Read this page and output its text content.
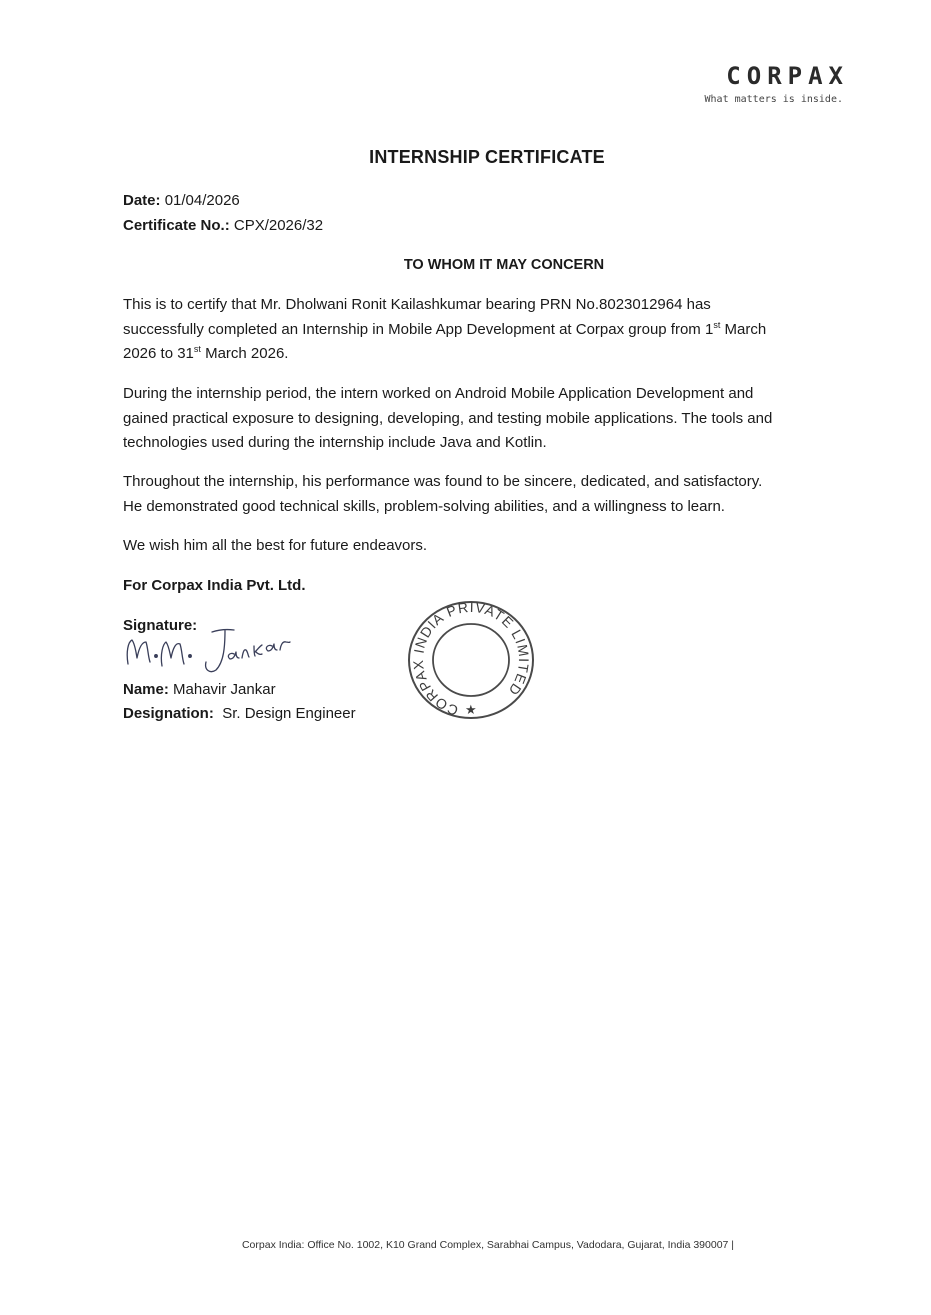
CORPAX
What matters is inside.
INTERNSHIP CERTIFICATE
Date: 01/04/2026
Certificate No.: CPX/2026/32
TO WHOM IT MAY CONCERN
This is to certify that Mr. Dholwani Ronit Kailashkumar bearing PRN No.8023012964 has
successfully completed an Internship in Mobile App Development at Corpax group from 1st March
2026 to 31st March 2026.
During the internship period, the intern worked on Android Mobile Application Development and
gained practical exposure to designing, developing, and testing mobile applications. The tools and
technologies used during the internship include Java and Kotlin.
Throughout the internship, his performance was found to be sincere, dedicated, and satisfactory.
He demonstrated good technical skills, problem-solving abilities, and a willingness to learn.
We wish him all the best for future endeavors.
For Corpax India Pvt. Ltd.
Signature:
Name: Mahavir Jankar
Designation: Sr. Design Engineer	CORPAX INDIA PRIVATE LIMITED
★
Corpax India: Office No. 1002, K10 Grand Complex, Sarabhai Campus, Vadodara, Gujarat, India 390007 |
